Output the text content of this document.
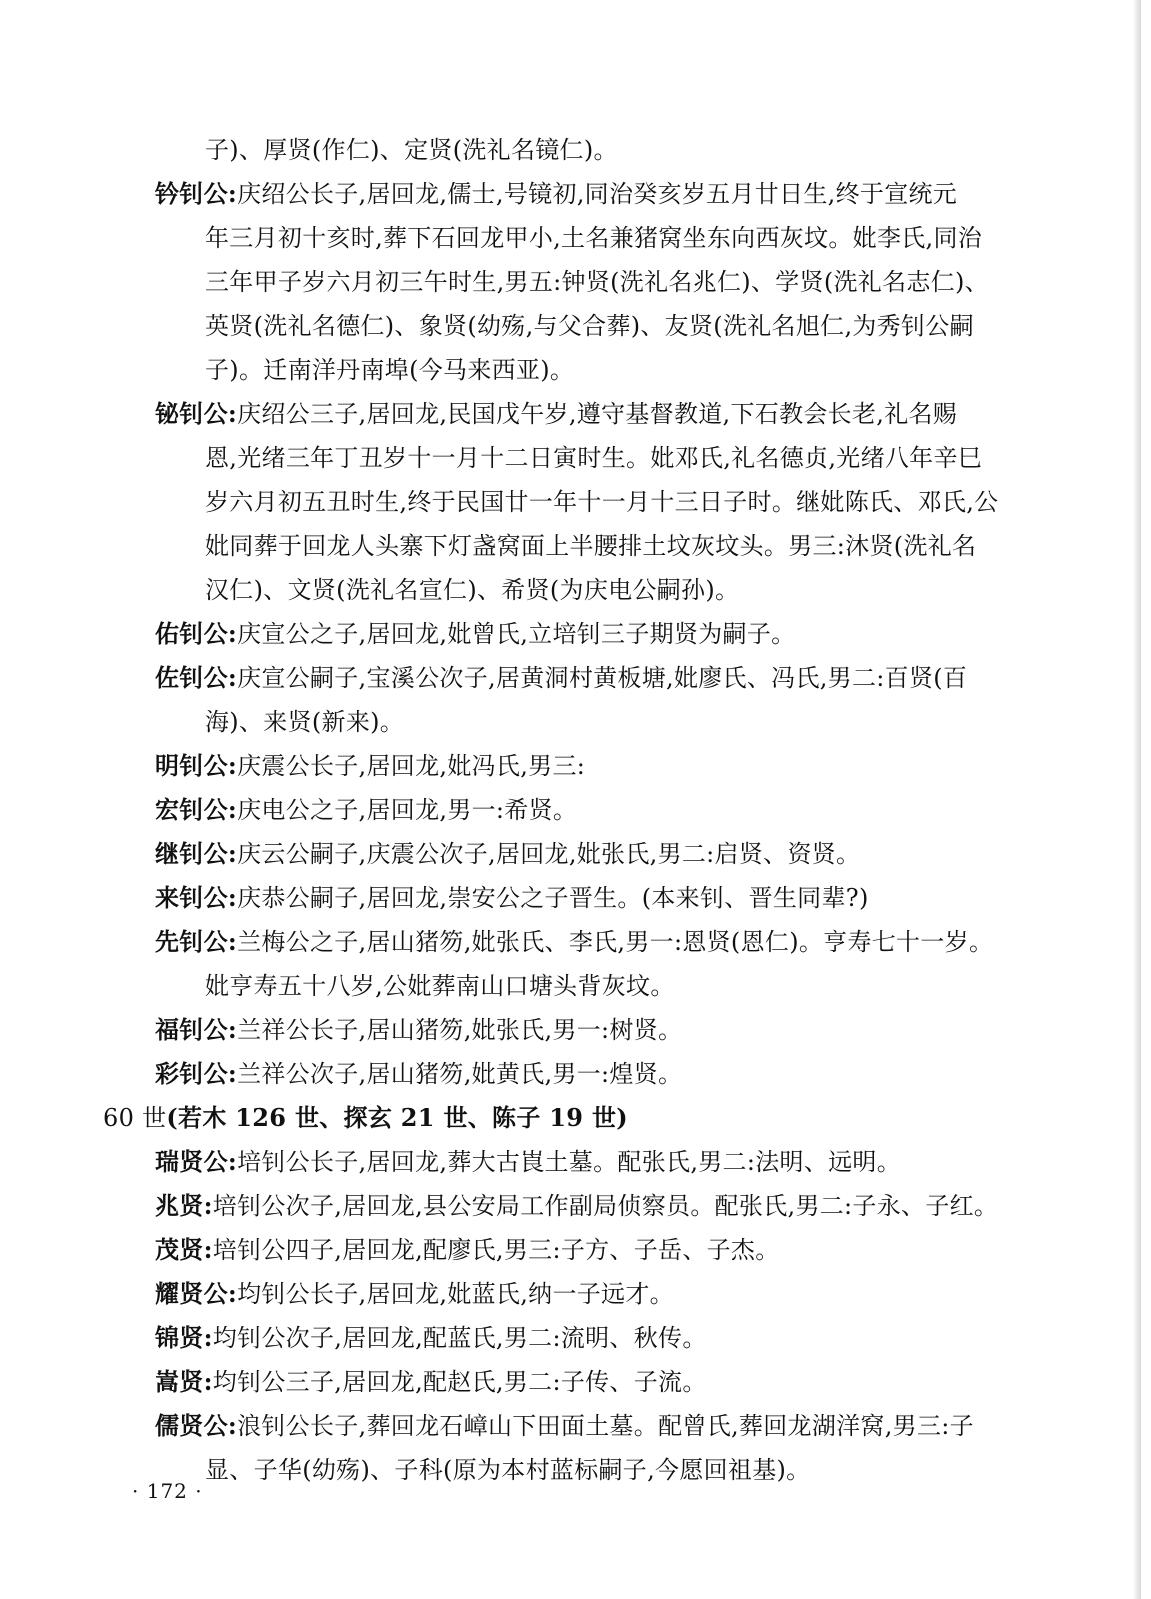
子)、厚贤(作仁)、定贤(洗礼名镜仁)。
钤钊公:庆绍公长子,居回龙,儒士,号镜初,同治癸亥岁五月廿日生,终于宣统元
年三月初十亥时,葬下石回龙甲小,土名兼猪窝坐东向西灰坟。妣李氏,同治
三年甲子岁六月初三午时生,男五:钟贤(洗礼名兆仁)、学贤(洗礼名志仁)、
英贤(洗礼名德仁)、象贤(幼殇,与父合葬)、友贤(洗礼名旭仁,为秀钊公嗣
子)。迁南洋丹南埠(今马来西亚)。
铋钊公:庆绍公三子,居回龙,民国戊午岁,遵守基督教道,下石教会长老,礼名赐
恩,光绪三年丁丑岁十一月十二日寅时生。妣邓氏,礼名德贞,光绪八年辛巳
岁六月初五丑时生,终于民国廿一年十一月十三日子时。继妣陈氏、邓氏,公
妣同葬于回龙人头寨下灯盏窝面上半腰排土坟灰坟头。男三:沐贤(洗礼名
汉仁)、文贤(洗礼名宣仁)、希贤(为庆电公嗣孙)。
佑钊公:庆宣公之子,居回龙,妣曾氏,立培钊三子期贤为嗣子。
佐钊公:庆宣公嗣子,宝溪公次子,居黄洞村黄板塘,妣廖氏、冯氏,男二:百贤(百
海)、来贤(新来)。
明钊公:庆震公长子,居回龙,妣冯氏,男三:
宏钊公:庆电公之子,居回龙,男一:希贤。
继钊公:庆云公嗣子,庆震公次子,居回龙,妣张氏,男二:启贤、资贤。
来钊公:庆恭公嗣子,居回龙,崇安公之子晋生。(本来钊、晋生同辈?)
先钊公:兰梅公之子,居山猪笏,妣张氏、李氏,男一:恩贤(恩仁)。亨寿七十一岁。
妣亨寿五十八岁,公妣葬南山口塘头背灰坟。
福钊公:兰祥公长子,居山猪笏,妣张氏,男一:树贤。
彩钊公:兰祥公次子,居山猪笏,妣黄氏,男一:煌贤。
60 世(若木 126 世、探玄 21 世、陈子 19 世)
瑞贤公:培钊公长子,居回龙,葬大古崀土墓。配张氏,男二:法明、远明。
兆贤:培钊公次子,居回龙,县公安局工作副局侦察员。配张氏,男二:子永、子红。
茂贤:培钊公四子,居回龙,配廖氏,男三:子方、子岳、子杰。
耀贤公:均钊公长子,居回龙,妣蓝氏,纳一子远才。
锦贤:均钊公次子,居回龙,配蓝氏,男二:流明、秋传。
嵩贤:均钊公三子,居回龙,配赵氏,男二:子传、子流。
儒贤公:浪钊公长子,葬回龙石嶂山下田面土墓。配曾氏,葬回龙湖洋窝,男三:子
显、子华(幼殇)、子科(原为本村蓝标嗣子,今愿回祖基)。
· 172 ·
